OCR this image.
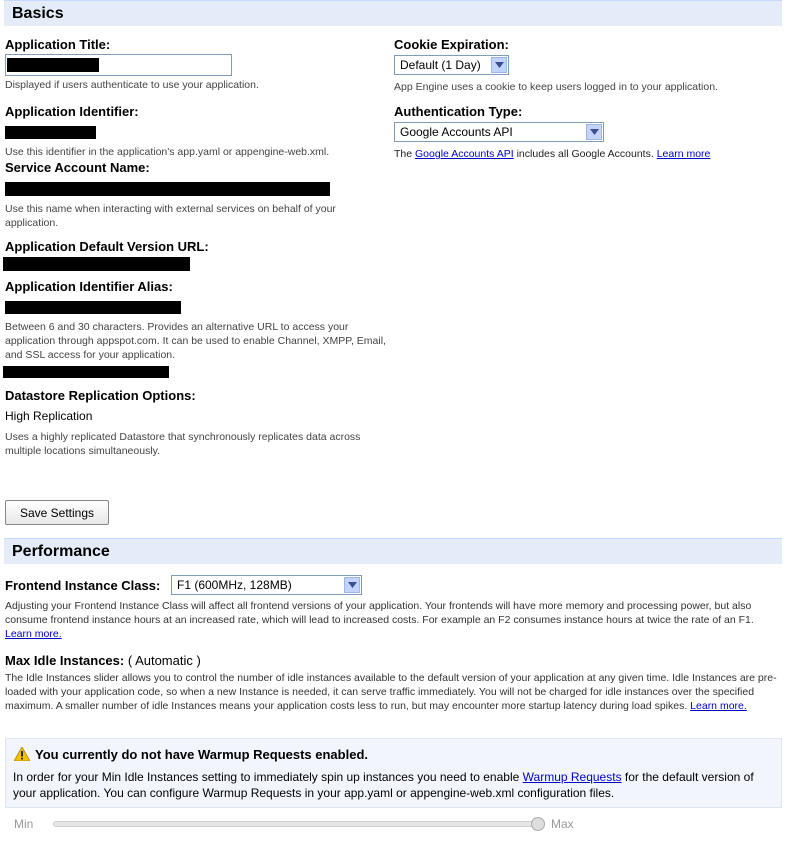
Basics
Application Title:
Displayed if users authenticate to use your application.
Application Identifier:
Use this identifier in the application's app.yaml or appengine-web.xml.
Service Account Name:
Use this name when interacting with external services on behalf of your application.
Application Default Version URL:
Application Identifier Alias:
Between 6 and 30 characters. Provides an alternative URL to access your application through appspot.com. It can be used to enable Channel, XMPP, Email, and SSL access for your application.
Datastore Replication Options:
High Replication
Uses a highly replicated Datastore that synchronously replicates data across multiple locations simultaneously.
Cookie Expiration:
Default (1 Day)
App Engine uses a cookie to keep users logged in to your application.
Authentication Type:
Google Accounts API
The Google Accounts API includes all Google Accounts. Learn more
Save Settings
Performance
Frontend Instance Class: F1 (600MHz, 128MB)
Adjusting your Frontend Instance Class will affect all frontend versions of your application. Your frontends will have more memory and processing power, but also consume frontend instance hours at an increased rate, which will lead to increased costs. For example an F2 consumes instance hours at twice the rate of an F1. Learn more.
Max Idle Instances: ( Automatic )
The Idle Instances slider allows you to control the number of idle instances available to the default version of your application at any given time. Idle Instances are pre-loaded with your application code, so when a new Instance is needed, it can serve traffic immediately. You will not be charged for idle instances over the specified maximum. A smaller number of idle Instances means your application costs less to run, but may encounter more startup latency during load spikes. Learn more.
You currently do not have Warmup Requests enabled.
In order for your Min Idle Instances setting to immediately spin up instances you need to enable Warmup Requests for the default version of your application. You can configure Warmup Requests in your app.yaml or appengine-web.xml configuration files.
Min	Max
